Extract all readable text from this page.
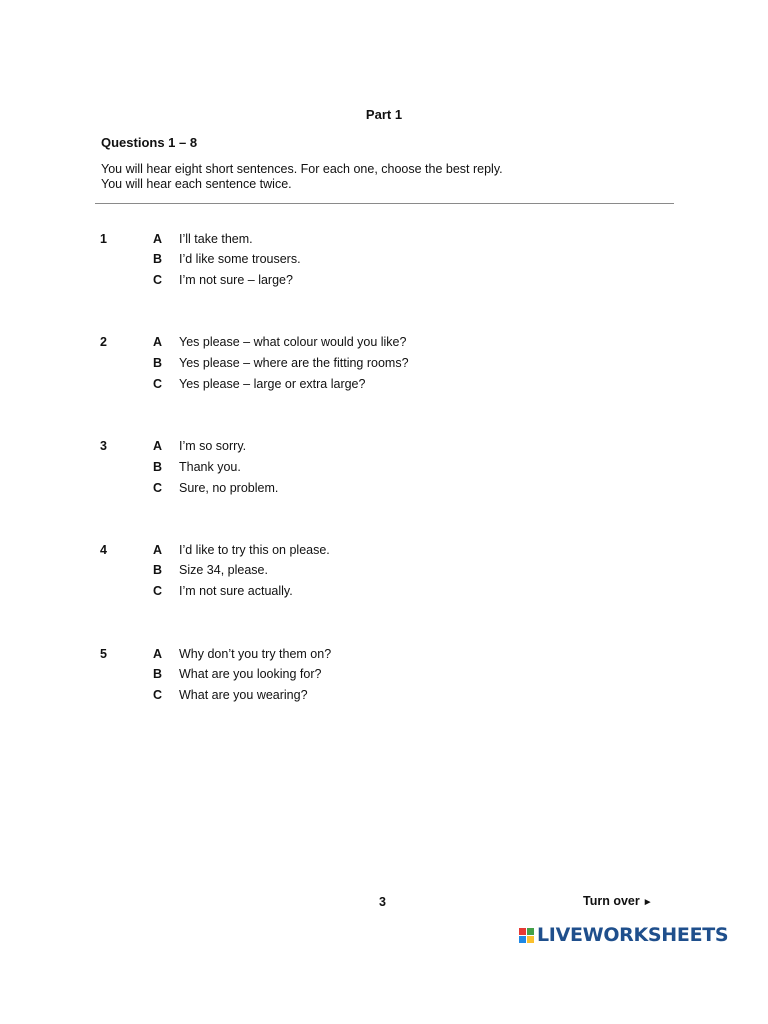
Part 1
Questions 1 – 8
You will hear eight short sentences. For each one, choose the best reply.
You will hear each sentence twice.
1	A I’ll take them.
B I’d like some trousers.
C I’m not sure – large?
2	A Yes please – what colour would you like?
B Yes please – where are the fitting rooms?
C Yes please – large or extra large?
3	A I’m so sorry.
B Thank you.
C Sure, no problem.
4	A I’d like to try this on please.
B Size 34, please.
C I’m not sure actually.
5	A Why don’t you try them on?
B What are you looking for?
C What are you wearing?
3	Turn over ►
LIVEWORKSHEETS
